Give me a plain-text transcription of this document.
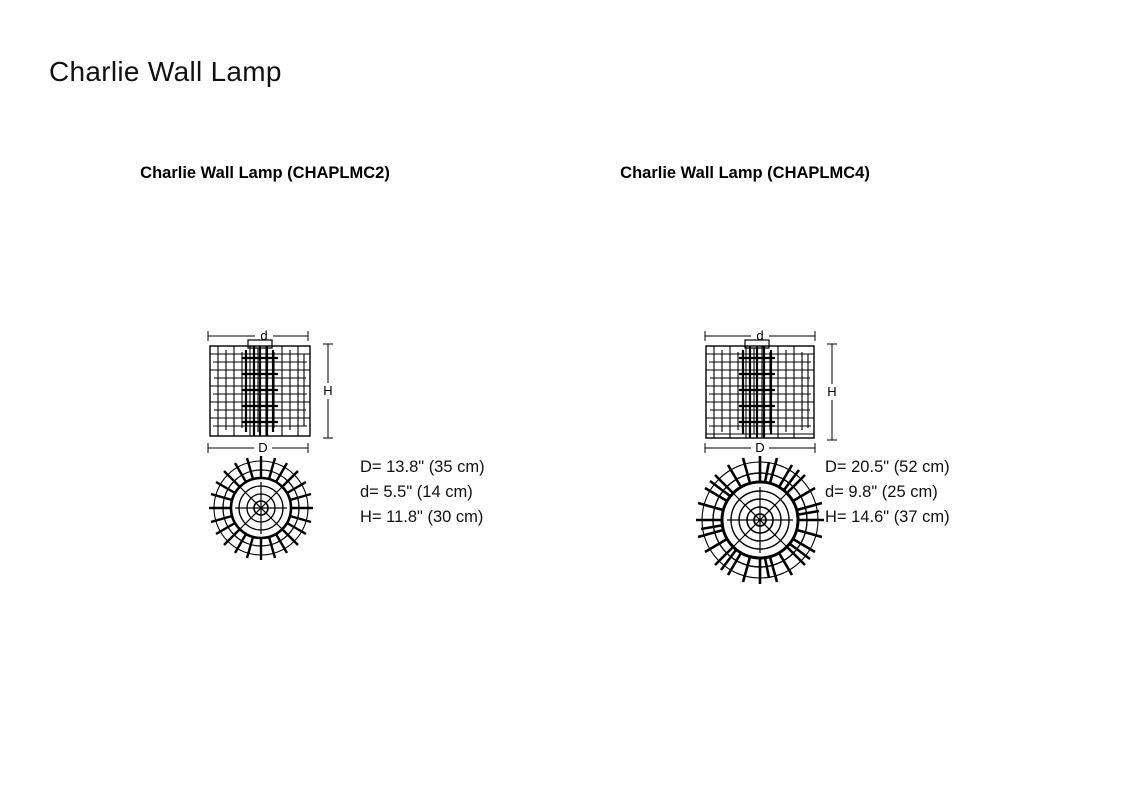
Charlie Wall Lamp
Charlie Wall Lamp (CHAPLMC2)
d
H
D
D= 13.8" (35 cm)
d= 5.5" (14 cm)
H= 11.8" (30 cm)
Charlie Wall Lamp (CHAPLMC4)
d
H
D
D= 20.5" (52 cm)
d= 9.8" (25 cm)
H= 14.6" (37 cm)
